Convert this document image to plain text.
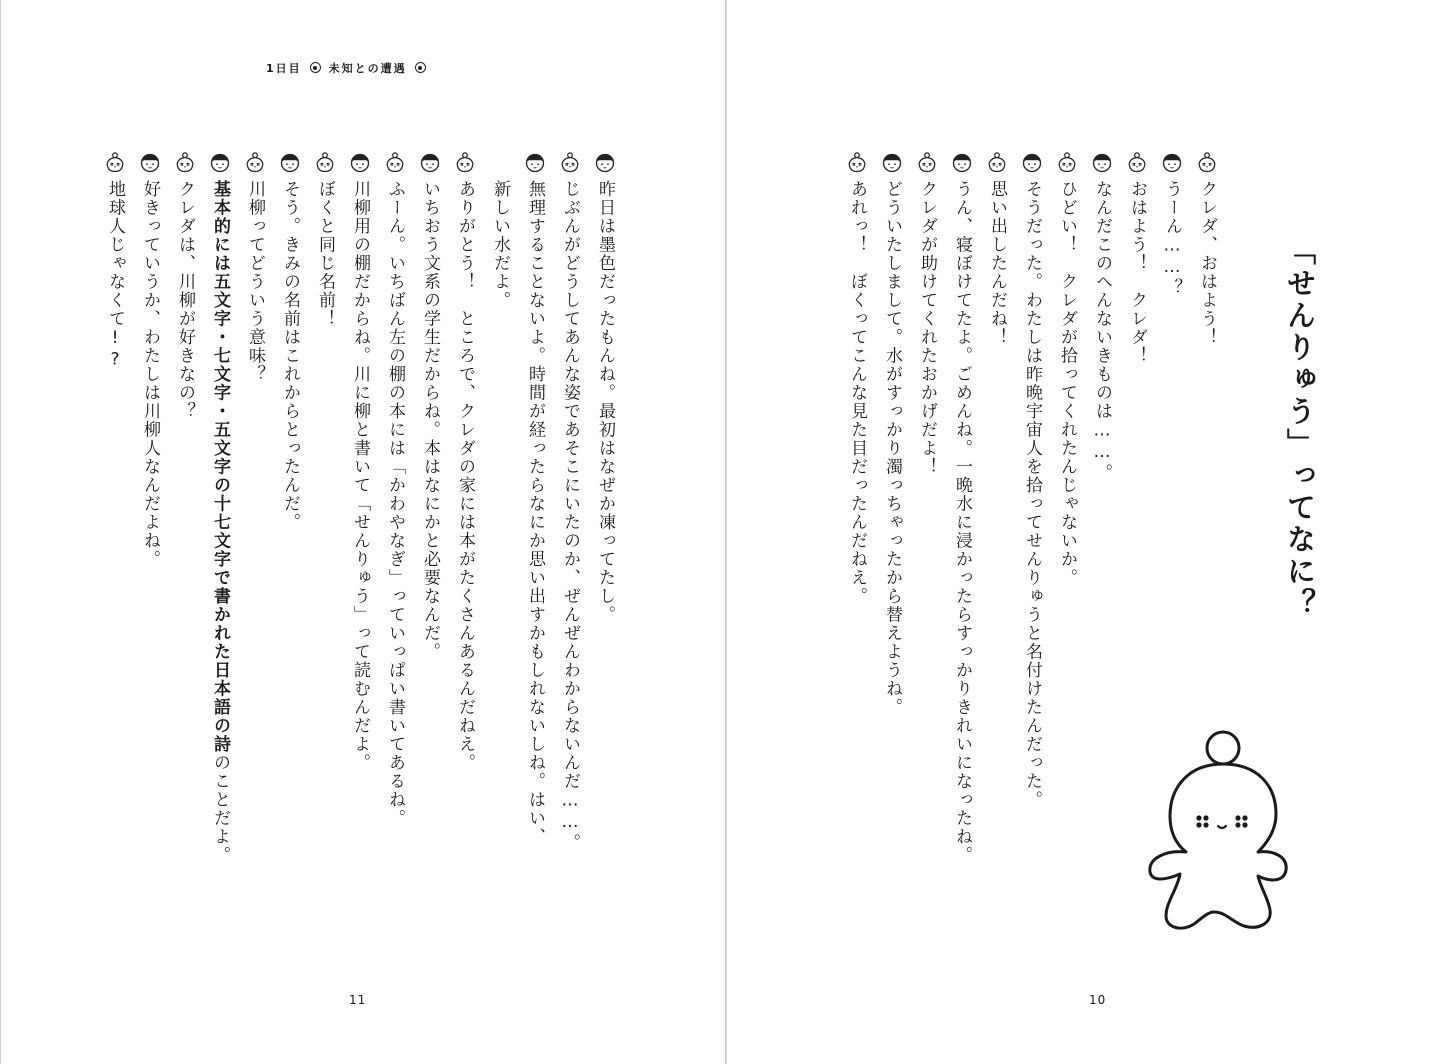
1日目 未知との遭遇
昨日は墨色だったもんね。最初はなぜか凍ってたし。
じぶんがどうしてあんな姿であそこにいたのか、ぜんぜんわからないんだ……。
無理することないよ。時間が経ったらなにか思い出すかもしれないしね。はい、
新しい水だよ。
ありがとう！　ところで、クレダの家には本がたくさんあるんだねえ。
いちおう文系の学生だからね。本はなにかと必要なんだ。
ふーん。いちばん左の棚の本には「かわやなぎ」っていっぱい書いてあるね。
川柳用の棚だからね。川に柳と書いて「せんりゅう」って読むんだよ。
ぼくと同じ名前！
そう。きみの名前はこれからとったんだ。
川柳ってどういう意味？
基本的には五文字・七文字・五文字の十七文字で書かれた日本語の詩のことだよ。
クレダは、川柳が好きなの？
好きっていうか、わたしは川柳人なんだよね。
地球人じゃなくて!?
11	10
「せんりゅう」ってなに？
クレダ、おはよう！
うーん……？
おはよう！　クレダ！
なんだこのへんないきものは……。
ひどい！　クレダが拾ってくれたんじゃないか。
そうだった。わたしは昨晩宇宙人を拾ってせんりゅうと名付けたんだった。
思い出したんだね！
うん、寝ぼけてたよ。ごめんね。一晩水に浸かったらすっかりきれいになったね。
クレダが助けてくれたおかげだよ！
どういたしまして。水がすっかり濁っちゃったから替えようね。
あれっ！　ぼくってこんな見た目だったんだねえ。
